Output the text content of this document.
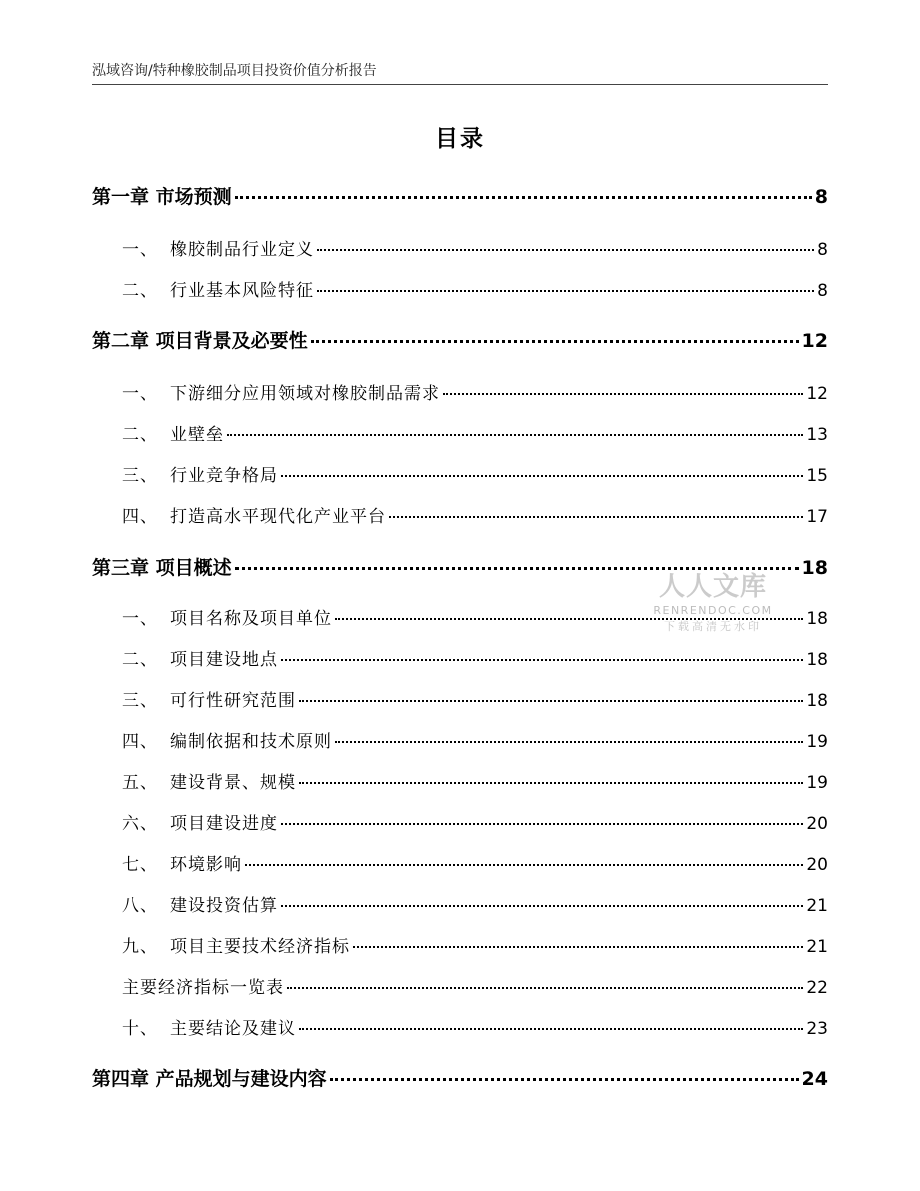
泓域咨询/特种橡胶制品项目投资价值分析报告
目录
第一章 市场预测	8
一、 橡胶制品行业定义	8
二、 行业基本风险特征	8
第二章 项目背景及必要性	12
一、 下游细分应用领域对橡胶制品需求	12
二、 业壁垒	13
三、 行业竞争格局	15
四、 打造高水平现代化产业平台	17
第三章 项目概述	18
一、 项目名称及项目单位	18
二、 项目建设地点	18
三、 可行性研究范围	18
四、 编制依据和技术原则	19
五、 建设背景、规模	19
六、 项目建设进度	20
七、 环境影响	20
八、 建设投资估算	21
九、 项目主要技术经济指标	21
主要经济指标一览表	22
十、 主要结论及建议	23
第四章 产品规划与建设内容	24
人人文库
RENRENDOC.COM
下载高清无水印
